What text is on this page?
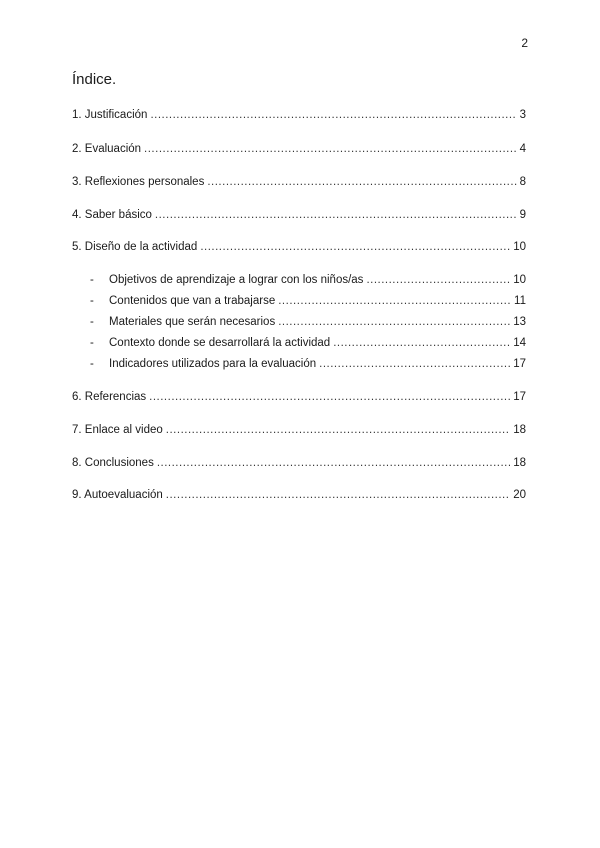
2
Índice.
1. Justificación .....	3
2. Evaluación .....	4
3. Reflexiones personales .....	8
4. Saber básico .....	9
5. Diseño de la actividad .....	10
-	Objetivos de aprendizaje a lograr con los niños/as .....	10
-	Contenidos que van a trabajarse .....	11
-	Materiales que serán necesarios .....	13
-	Contexto donde se desarrollará la actividad .....	14
-	Indicadores utilizados para la evaluación .....	17
6. Referencias .....	17
7. Enlace al video .....	18
8. Conclusiones .....	18
9. Autoevaluación .....	20
